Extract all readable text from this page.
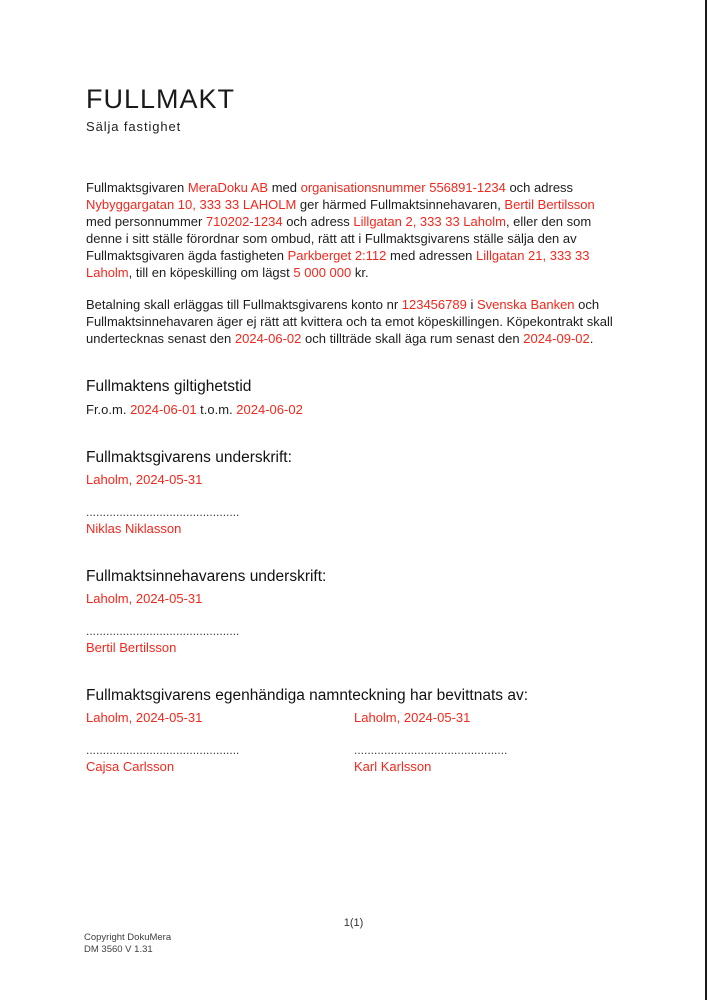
FULLMAKT
Sälja fastighet

Fullmaktsgivaren MeraDoku AB med organisationsnummer 556891-1234 och adress Nybyggargatan 10, 333 33 LAHOLM ger härmed Fullmaktsinnehavaren, Bertil Bertilsson med personnummer 710202-1234 och adress Lillgatan 2, 333 33 Laholm, eller den som denne i sitt ställe förordnar som ombud, rätt att i Fullmaktsgivarens ställe sälja den av Fullmaktsgivaren ägda fastigheten Parkberget 2:112 med adressen Lillgatan 21, 333 33 Laholm, till en köpeskilling om lägst 5 000 000 kr.

Betalning skall erläggas till Fullmaktsgivarens konto nr 123456789 i Svenska Banken och Fullmaktsinnehavaren äger ej rätt att kvittera och ta emot köpeskillingen. Köpekontrakt skall undertecknas senast den 2024-06-02 och tillträde skall äga rum senast den 2024-09-02.

Fullmaktens giltighetstid
Fr.o.m. 2024-06-01 t.o.m. 2024-06-02
Fullmaktsgivarens underskrift:
Laholm, 2024-05-31
..............................................
Niklas Niklasson
Fullmaktsinnehavarens underskrift:
Laholm, 2024-05-31
..............................................
Bertil Bertilsson
Fullmaktsgivarens egenhändiga namnteckning har bevittnats av:
Laholm, 2024-05-31	Laholm, 2024-05-31
..............................................	..............................................
Cajsa Carlsson	Karl Karlsson
1(1)
Copyright DokuMera
DM 3560 V 1.31
